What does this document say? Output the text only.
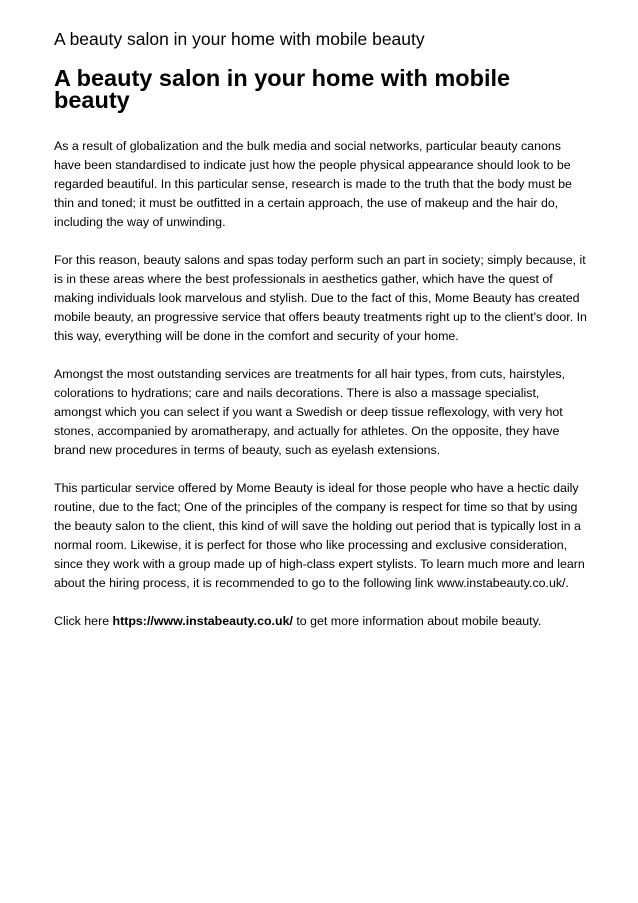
A beauty salon in your home with mobile beauty
A beauty salon in your home with mobile beauty

As a result of globalization and the bulk media and social networks, particular beauty canons have been standardised to indicate just how the people physical appearance should look to be regarded beautiful. In this particular sense, research is made to the truth that the body must be thin and toned; it must be outfitted in a certain approach, the use of makeup and the hair do, including the way of unwinding.

For this reason, beauty salons and spas today perform such an part in society; simply because, it is in these areas where the best professionals in aesthetics gather, which have the quest of making individuals look marvelous and stylish. Due to the fact of this, Mome Beauty has created mobile beauty, an progressive service that offers beauty treatments right up to the client's door. In this way, everything will be done in the comfort and security of your home.

Amongst the most outstanding services are treatments for all hair types, from cuts, hairstyles, colorations to hydrations; care and nails decorations. There is also a massage specialist, amongst which you can select if you want a Swedish or deep tissue reflexology, with very hot stones, accompanied by aromatherapy, and actually for athletes. On the opposite, they have brand new procedures in terms of beauty, such as eyelash extensions.

This particular service offered by Mome Beauty is ideal for those people who have a hectic daily routine, due to the fact; One of the principles of the company is respect for time so that by using the beauty salon to the client, this kind of will save the holding out period that is typically lost in a normal room. Likewise, it is perfect for those who like processing and exclusive consideration, since they work with a group made up of high-class expert stylists. To learn much more and learn about the hiring process, it is recommended to go to the following link www.instabeauty.co.uk/.

Click here https://www.instabeauty.co.uk/ to get more information about mobile beauty.
